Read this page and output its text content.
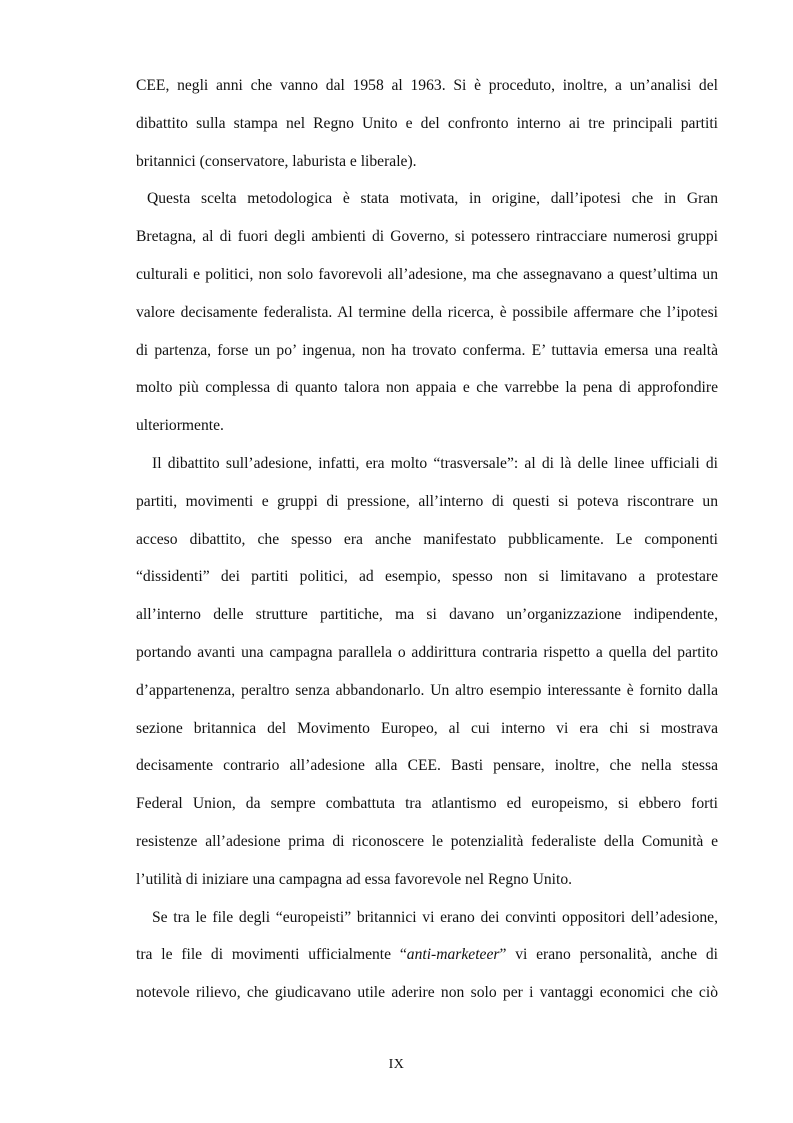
CEE, negli anni che vanno dal 1958 al 1963. Si è proceduto, inoltre, a un’analisi del
dibattito sulla stampa nel Regno Unito e del confronto interno ai tre principali partiti
britannici (conservatore, laburista e liberale).
Questa scelta metodologica è stata motivata, in origine, dall’ipotesi che in Gran
Bretagna, al di fuori degli ambienti di Governo, si potessero rintracciare numerosi gruppi
culturali e politici, non solo favorevoli all’adesione, ma che assegnavano a quest’ultima un
valore decisamente federalista. Al termine della ricerca, è possibile affermare che l’ipotesi
di partenza, forse un po’ ingenua, non ha trovato conferma. E’ tuttavia emersa una realtà
molto più complessa di quanto talora non appaia e che varrebbe la pena di approfondire
ulteriormente.
Il dibattito sull’adesione, infatti, era molto “trasversale”: al di là delle linee ufficiali di
partiti, movimenti e gruppi di pressione, all’interno di questi si poteva riscontrare un
acceso dibattito, che spesso era anche manifestato pubblicamente. Le componenti
“dissidenti” dei partiti politici, ad esempio, spesso non si limitavano a protestare
all’interno delle strutture partitiche, ma si davano un’organizzazione indipendente,
portando avanti una campagna parallela o addirittura contraria rispetto a quella del partito
d’appartenenza, peraltro senza abbandonarlo. Un altro esempio interessante è fornito dalla
sezione britannica del Movimento Europeo, al cui interno vi era chi si mostrava
decisamente contrario all’adesione alla CEE. Basti pensare, inoltre, che nella stessa
Federal Union, da sempre combattuta tra atlantismo ed europeismo, si ebbero forti
resistenze all’adesione prima di riconoscere le potenzialità federaliste della Comunità e
l’utilità di iniziare una campagna ad essa favorevole nel Regno Unito.
Se tra le file degli “europeisti” britannici vi erano dei convinti oppositori dell’adesione,
tra le file di movimenti ufficialmente “anti-marketeer” vi erano personalità, anche di
notevole rilievo, che giudicavano utile aderire non solo per i vantaggi economici che ciò
IX
